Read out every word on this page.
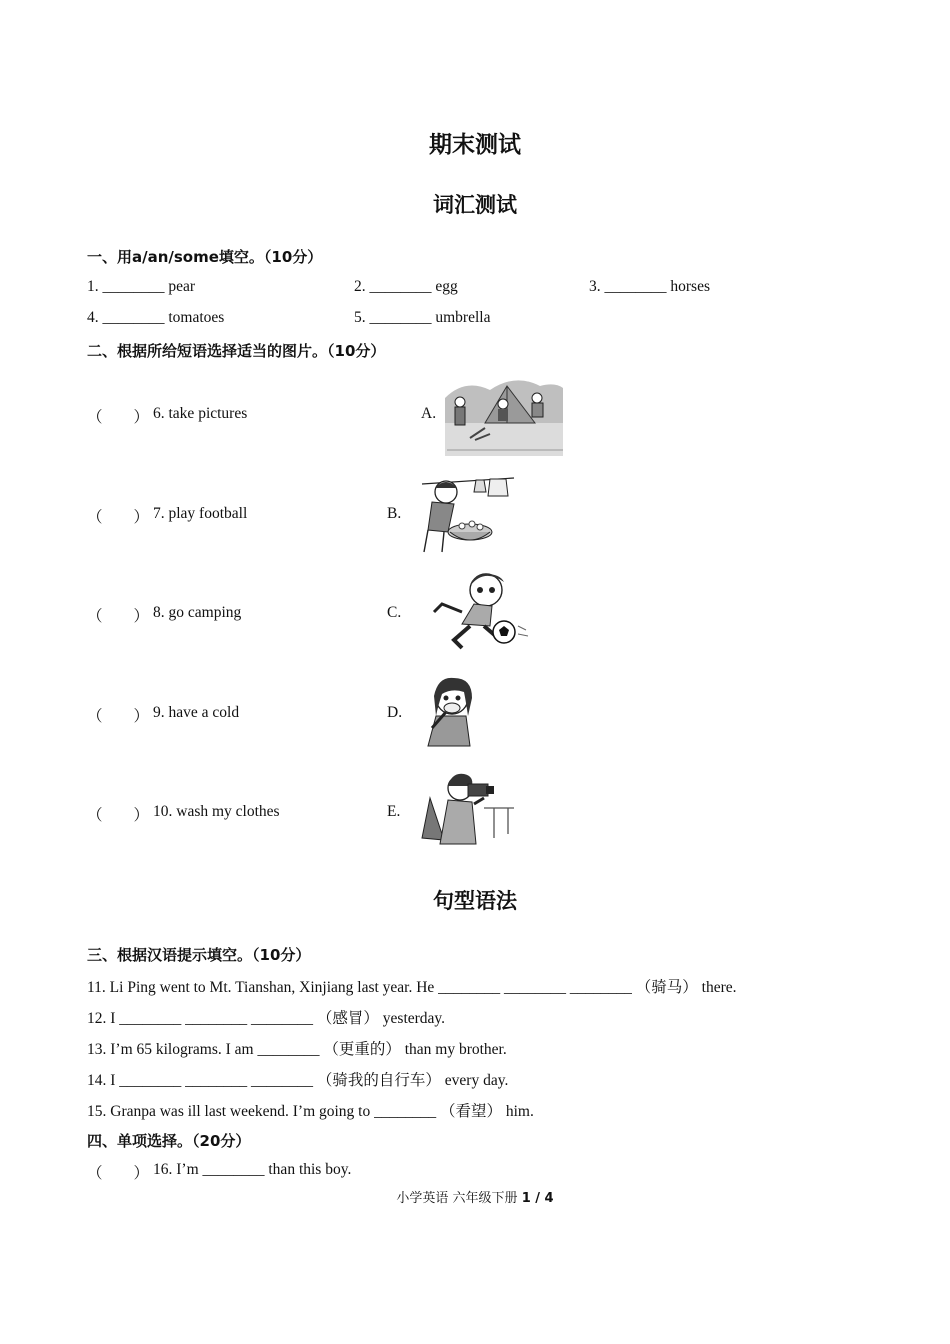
期末测试
词汇测试
一、用a/an/some填空。（10分）
1. ________ pear	2. ________ egg	3. ________ horses
4. ________ tomatoes	5. ________ umbrella
二、根据所给短语选择适当的图片。（10分）
（　　） 6. take pictures	A.
（　　） 7. play football	B.
（　　） 8. go camping	C.
（　　） 9. have a cold	D.
（　　） 10. wash my clothes	E.
句型语法
三、根据汉语提示填空。（10分）
11. Li Ping went to Mt. Tianshan, Xinjiang last year. He ________ ________ ________ （骑马） there.
12. I ________ ________ ________ （感冒） yesterday.
13. I’m 65 kilograms. I am ________ （更重的） than my brother.
14. I ________ ________ ________ （骑我的自行车） every day.
15. Granpa was ill last weekend. I’m going to ________ （看望） him.
四、单项选择。（20分）
（　　） 16. I’m ________ than this boy.
小学英语 六年级下册 1 / 4
